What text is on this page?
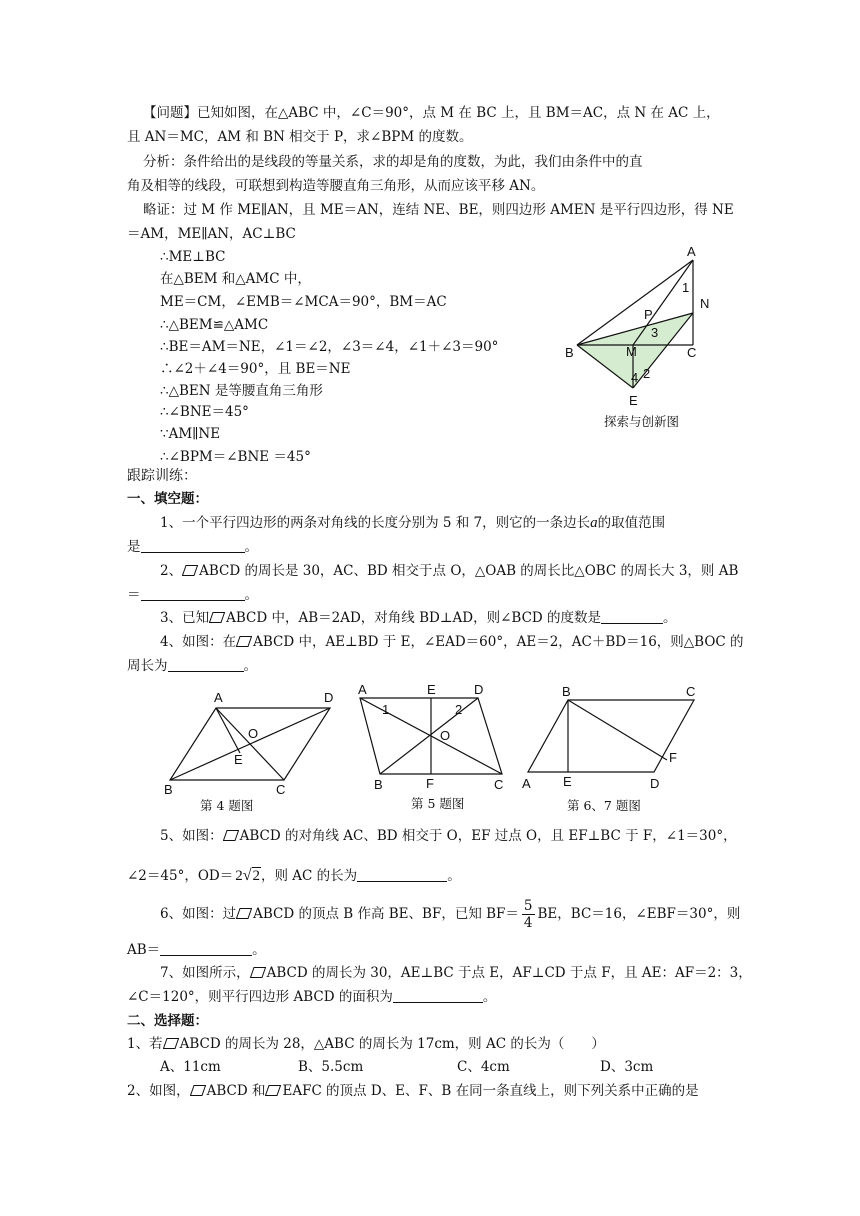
【问题】已知如图，在△ABC 中，∠C＝90°，点 M 在 BC 上，且 BM＝AC，点 N 在 AC 上，
且 AN＝MC，AM 和 BN 相交于 P，求∠BPM 的度数。
分析：条件给出的是线段的等量关系，求的却是角的度数，为此，我们由条件中的直
角及相等的线段，可联想到构造等腰直角三角形，从而应该平移 AN。
略证：过 M 作 ME∥AN，且 ME＝AN，连结 NE、BE，则四边形 AMEN 是平行四边形，得 NE
＝AM，ME∥AN，AC⊥BC
∴ME⊥BC
在△BEM 和△AMC 中，
ME＝CM，∠EMB＝∠MCA＝90°，BM＝AC
∴△BEM≌△AMC
∴BE＝AM＝NE，∠1＝∠2，∠3＝∠4，∠1＋∠3＝90°
∴∠2＋∠4＝90°，且 BE＝NE
∴△BEN 是等腰直角三角形
∴∠BNE＝45°
∵AM∥NE
∴∠BPM＝∠BNE ＝45°
A
N
B	C
P
M
E
1
2
3
4
探索与创新图
跟踪训练：
一、填空题：
1、一个平行四边形的两条对角线的长度分别为 5 和 7，则它的一条边长a的取值范围
是	。
2、 ABCD 的周长是 30，AC、BD 相交于点 O，△OAB 的周长比△OBC 的周长大 3，则 AB
＝	。
3、已知 ABCD 中，AB＝2AD，对角线 BD⊥AD，则∠BCD 的度数是	。
4、如图：在 ABCD 中，AE⊥BD 于 E，∠EAD＝60°，AE＝2，AC＋BD＝16，则△BOC 的
周长为	。
A	D
B	C
O
E
第 4 题图
A	E	D
B	F	C
O
1	2
第 5 题图
B	C
A E	D
F
第 6、7 题图
5、如图： ABCD 的对角线 AC、BD 相交于 O，EF 过点 O，且 EF⊥BC 于 F，∠1＝30°，
∠2＝45°，OD＝ 2√2，则 AC 的长为	。
6、如图：过 ABCD 的顶点 B 作高 BE、BF，已知 $BF= \frac{5}{4}$ BE，BC＝16，∠EBF＝30°，则
AB＝	。
7、如图所示， ABCD 的周长为 30，AE⊥BC 于点 E，AF⊥CD 于点 F，且 AE：AF＝2：3，
∠C＝120°，则平行四边形 ABCD 的面积为	。
二、选择题：
1、若 ABCD 的周长为 28，△ABC 的周长为 17cm，则 AC 的长为（　　）
A、11cm	B、5.5cm	C、4cm	D、3cm
2、如图， ABCD 和 EAFC 的顶点 D、E、F、B 在同一条直线上，则下列关系中正确的是
